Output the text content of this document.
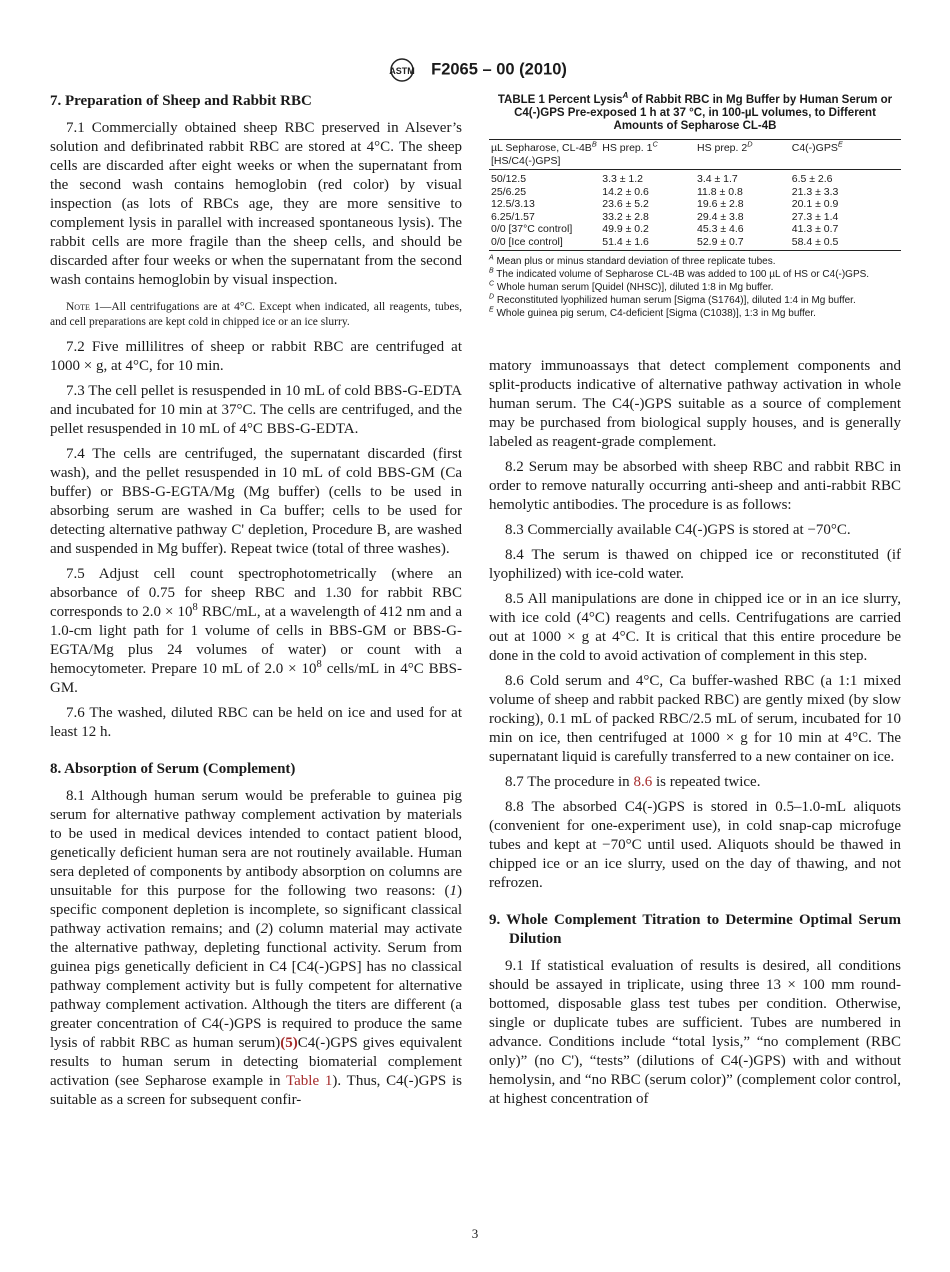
ASTM F2065 – 00 (2010)
7. Preparation of Sheep and Rabbit RBC

7.1 Commercially obtained sheep RBC preserved in Alsever’s solution and defibrinated rabbit RBC are stored at 4°C. The sheep cells are discarded after eight weeks or when the supernatant from the second wash contains hemoglobin (red color) by visual inspection (as lots of RBCs age, they are more sensitive to complement lysis in parallel with increased spontaneous lysis). The rabbit cells are more fragile than the sheep cells, and should be discarded after four weeks or when the supernatant from the second wash contains hemoglobin by visual inspection.

Note 1—All centrifugations are at 4°C. Except when indicated, all reagents, tubes, and cell preparations are kept cold in chipped ice or an ice slurry.

7.2 Five millilitres of sheep or rabbit RBC are centrifuged at 1000 × g, at 4°C, for 10 min.

7.3 The cell pellet is resuspended in 10 mL of cold BBS-G-EDTA and incubated for 10 min at 37°C. The cells are centrifuged, and the pellet resuspended in 10 mL of 4°C BBS-G-EDTA.

7.4 The cells are centrifuged, the supernatant discarded (first wash), and the pellet resuspended in 10 mL of cold BBS-GM (Ca buffer) or BBS-G-EGTA/Mg (Mg buffer) (cells to be used in absorbing serum are washed in Ca buffer; cells to be used for detecting alternative pathway C' depletion, Procedure B, are washed and suspended in Mg buffer). Repeat twice (total of three washes).

7.5 Adjust cell count spectrophotometrically (where an absorbance of 0.75 for sheep RBC and 1.30 for rabbit RBC corresponds to $2.0 \times 10^8$ RBC/mL, at a wavelength of 412 nm and a 1.0-cm light path for 1 volume of cells in BBS-GM or BBS-G-EGTA/Mg plus 24 volumes of water) or count with a hemocytometer. Prepare 10 mL of $2.0 \times 10^8$ cells/mL in 4°C BBS-GM.

7.6 The washed, diluted RBC can be held on ice and used for at least 12 h.

8. Absorption of Serum (Complement)

8.1 Although human serum would be preferable to guinea pig serum for alternative pathway complement activation by materials to be used in medical devices intended to contact patient blood, genetically deficient human sera are not routinely available. Human sera depleted of components by antibody absorption on columns are unsuitable for this purpose for the following two reasons: (1) specific component depletion is incomplete, so significant classical pathway activation remains; and (2) column material may activate the alternative pathway, depleting functional activity. Serum from guinea pigs genetically deficient in C4 [C4(-)GPS] has no classical pathway complement activity but is fully competent for alternative pathway complement activation. Although the titers are different (a greater concentration of C4(-)GPS is required to produce the same lysis of rabbit RBC as human serum)(5)C4(-)GPS gives equivalent results to human serum in detecting biomaterial complement activation (see Sepharose example in Table 1). Thus, C4(-)GPS is suitable as a screen for subsequent confir-

TABLE 1 Percent Lysis$^A$ of Rabbit RBC in Mg Buffer by Human Serum or C4(-)GPS Pre-exposed 1 h at 37 °C, in 100-µL volumes, to Different Amounts of Sepharose CL-4B
µL Sepharose, $CL-4B^B$
[HS/C4(-)GPS]	HS prep. $1^C$	HS prep. $2^D$	$C4(-)GPS^E$
50/12.5	3.3 ± 1.2	3.4 ± 1.7	6.5 ± 2.6
25/6.25	14.2 ± 0.6	11.8 ± 0.8	21.3 ± 3.3
12.5/3.13	23.6 ± 5.2	19.6 ± 2.8	20.1 ± 0.9
6.25/1.57	33.2 ± 2.8	29.4 ± 3.8	27.3 ± 1.4
0/0 [37°C control]	49.9 ± 0.2	45.3 ± 4.6	41.3 ± 0.7
0/0 [Ice control]	51.4 ± 1.6	52.9 ± 0.7	58.4 ± 0.5
$^A$ Mean plus or minus standard deviation of three replicate tubes.
$^B$ The indicated volume of Sepharose CL-4B was added to 100 µL of HS or C4(-)GPS.
$^C$ Whole human serum [Quidel (NHSC)], diluted 1:8 in Mg buffer.
$^D$ Reconstituted lyophilized human serum [Sigma (S1764)], diluted 1:4 in Mg buffer.
$^E$ Whole guinea pig serum, C4-deficient [Sigma (C1038)], 1:3 in Mg buffer.

matory immunoassays that detect complement components and split-products indicative of alternative pathway activation in whole human serum. The C4(-)GPS suitable as a source of complement may be purchased from biological supply houses, and is generally labeled as reagent-grade complement.

8.2 Serum may be absorbed with sheep RBC and rabbit RBC in order to remove naturally occurring anti-sheep and anti-rabbit RBC hemolytic antibodies. The procedure is as follows:

8.3 Commercially available C4(-)GPS is stored at −70°C.

8.4 The serum is thawed on chipped ice or reconstituted (if lyophilized) with ice-cold water.

8.5 All manipulations are done in chipped ice or in an ice slurry, with ice cold (4°C) reagents and cells. Centrifugations are carried out at 1000 × g at 4°C. It is critical that this entire procedure be done in the cold to avoid activation of complement in this step.

8.6 Cold serum and 4°C, Ca buffer-washed RBC (a 1:1 mixed volume of sheep and rabbit packed RBC) are gently mixed (by slow rocking), 0.1 mL of packed RBC/2.5 mL of serum, incubated for 10 min on ice, then centrifuged at 1000 × g for 10 min at 4°C. The supernatant liquid is carefully transferred to a new container on ice.

8.7 The procedure in 8.6 is repeated twice.

8.8 The absorbed C4(-)GPS is stored in 0.5–1.0-mL aliquots (convenient for one-experiment use), in cold snap-cap microfuge tubes and kept at −70°C until used. Aliquots should be thawed in chipped ice or an ice slurry, used on the day of thawing, and not refrozen.

9. Whole Complement Titration to Determine Optimal Serum Dilution

9.1 If statistical evaluation of results is desired, all conditions should be assayed in triplicate, using three 13 × 100 mm round-bottomed, disposable glass test tubes per condition. Otherwise, single or duplicate tubes are sufficient. Tubes are numbered in advance. Conditions include “total lysis,” “no complement (RBC only)” (no C'), “tests” (dilutions of C4(-)GPS) with and without hemolysin, and “no RBC (serum color)” (complement color control, at highest concentration of

3
